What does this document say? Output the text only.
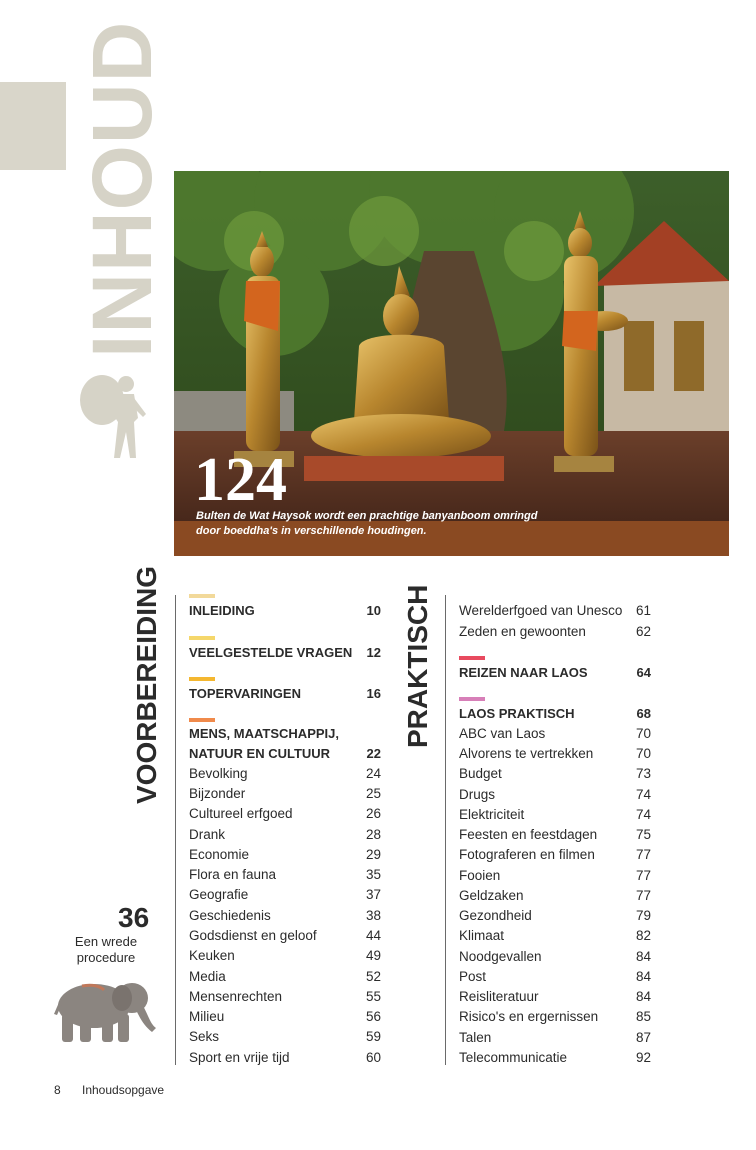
INHOUD
124
Bulten de Wat Haysok wordt een prachtige banyanboom omringd door boeddha's in verschillende houdingen.
VOORBEREIDING	PRAKTISCH
INLEIDING	10
VEELGESTELDE VRAGEN 12
TOPERVARINGEN	16
MENS, MAATSCHAPPIJ,
NATUUR EN CULTUUR	22
Bevolking	24
Bijzonder	25
Cultureel erfgoed	26
Drank	28
Economie	29
Flora en fauna	35
Geografie	37
Geschiedenis	38
Godsdienst en geloof	44
Keuken	49
Media	52
Mensenrechten	55
Milieu	56
Seks	59
Sport en vrije tijd	60
Werelderfgoed van Unesco 61
Zeden en gewoonten	62
REIZEN NAAR LAOS	64
LAOS PRAKTISCH	68
ABC van Laos	70
Alvorens te vertrekken	70
Budget	73
Drugs	74
Elektriciteit	74
Feesten en feestdagen	75
Fotograferen en filmen	77
Fooien	77
Geldzaken	77
Gezondheid	79
Klimaat	82
Noodgevallen	84
Post	84
Reisliteratuur	84
Risico's en ergernissen	85
Talen	87
Telecommunicatie	92
36
Een wrede procedure
8 Inhoudsopgave
